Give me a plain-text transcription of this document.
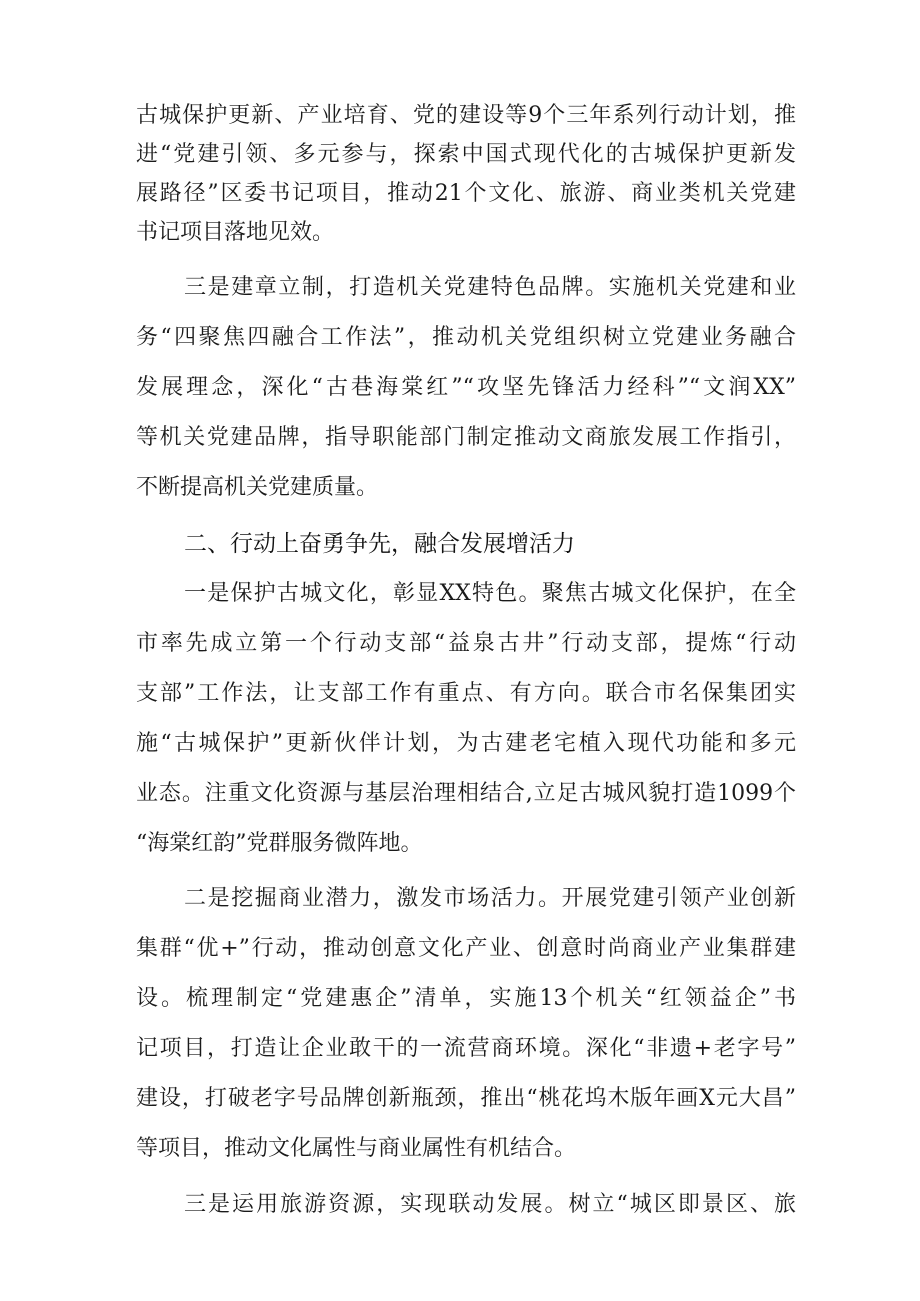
古城保护更新、产业培育、党的建设等9个三年系列行动计划，推
进“党建引领、多元参与，探索中国式现代化的古城保护更新发
展路径”区委书记项目，推动21个文化、旅游、商业类机关党建
书记项目落地见效。
三是建章立制，打造机关党建特色品牌。实施机关党建和业
务“四聚焦四融合工作法”，推动机关党组织树立党建业务融合
发展理念，深化“古巷海棠红”“攻坚先锋活力经科”“文润XX”
等机关党建品牌，指导职能部门制定推动文商旅发展工作指引，
不断提高机关党建质量。
二、行动上奋勇争先，融合发展增活力
一是保护古城文化，彰显XX特色。聚焦古城文化保护，在全
市率先成立第一个行动支部“益泉古井”行动支部，提炼“行动
支部”工作法，让支部工作有重点、有方向。联合市名保集团实
施“古城保护”更新伙伴计划，为古建老宅植入现代功能和多元
业态。注重文化资源与基层治理相结合,立足古城风貌打造1099个
“海棠红韵”党群服务微阵地。
二是挖掘商业潜力，激发市场活力。开展党建引领产业创新
集群“优+”行动，推动创意文化产业、创意时尚商业产业集群建
设。梳理制定“党建惠企”清单，实施13个机关“红领益企”书
记项目，打造让企业敢干的一流营商环境。深化“非遗+老字号”
建设，打破老字号品牌创新瓶颈，推出“桃花坞木版年画X元大昌”
等项目，推动文化属性与商业属性有机结合。
三是运用旅游资源，实现联动发展。树立“城区即景区、旅
